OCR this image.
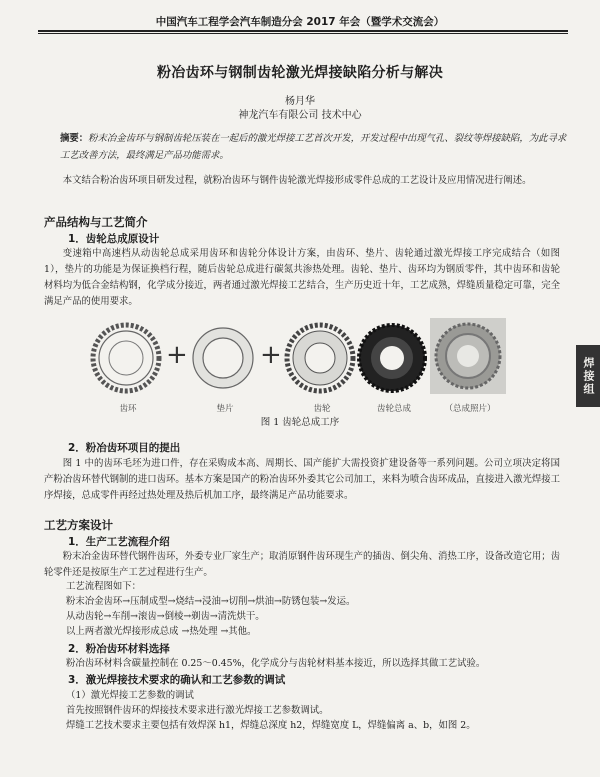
中国汽车工程学会汽车制造分会 2017 年会（暨学术交流会）
粉冶齿环与钢制齿轮激光焊接缺陷分析与解决
杨月华
神龙汽车有限公司 技术中心

摘要：粉末冶金齿环与钢制齿轮压装在一起后的激光焊接工艺首次开发，开发过程中出现气孔、裂纹等焊接缺陷，为此寻求工艺改善方法，最终满足产品功能需求。

本文结合粉冶齿环项目研发过程，就粉冶齿环与钢件齿轮激光焊接形成零件总成的工艺设计及应用情况进行阐述。

产品结构与工艺简介
1．齿轮总成原设计

变速箱中高速档从动齿轮总成采用齿环和齿轮分体设计方案，由齿环、垫片、齿轮通过激光焊接工序完成结合（如图 1），垫片的功能是为保证换档行程，随后齿轮总成进行碳氮共渗热处理。齿轮、垫片、齿环均为钢质零件，其中齿环和齿轮材料均为低合金结构钢，化学成分接近，两者通过激光焊接工艺结合，生产历史近十年，工艺成熟，焊缝质量稳定可靠，完全满足产品的使用要求。

+	+
齿环	垫片	齿轮	齿轮总成	（总成照片）
图 1 齿轮总成工序
2．粉冶齿环项目的提出

图 1 中的齿环毛坯为进口件，存在采购成本高、周期长、国产能扩大需投资扩建设备等一系列问题。公司立项决定将国产粉冶齿环替代钢制的进口齿环。基本方案是国产的粉冶齿环外委其它公司加工，来料为喷合齿环成品，直接进入激光焊接工序焊接，总成零件再经过热处理及热后机加工序，最终满足产品功能要求。

工艺方案设计
1．生产工艺流程介绍

粉末冶金齿环替代钢件齿环，外委专业厂家生产；取消原钢件齿环现生产的插齿、倒尖角、消热工序，设备改造它用；齿轮零件还是按原生产工艺过程进行生产。

工艺流程图如下：

粉末冶金齿环→压制成型→烧结→浸油→切削→烘油→防锈包装→发运。

从动齿轮→车削→滚齿→倒棱→剃齿→清洗烘干。

以上两者激光焊接形成总成 →热处理 →其他。

2．粉冶齿环材料选择

粉冶齿环材料含碳量控制在 0.25～0.45%，化学成分与齿轮材料基本接近，所以选择其做工艺试验。

3．激光焊接技术要求的确认和工艺参数的调试

（1）激光焊接工艺参数的调试

首先按照钢件齿环的焊接技术要求进行激光焊接工艺参数调试。

焊缝工艺技术要求主要包括有效焊深 h1，焊缝总深度 h2，焊缝宽度 L，焊缝偏离 a、b，如图 2。

焊接组
